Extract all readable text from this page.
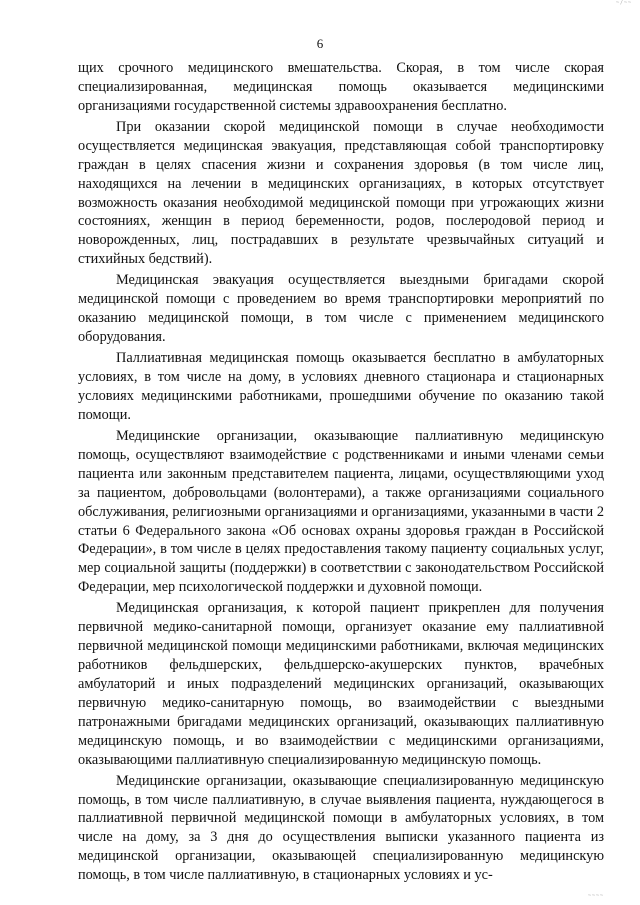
~/~~
6

щих срочного медицинского вмешательства. Скорая, в том числе скорая специализированная, медицинская помощь оказывается медицинскими организациями государственной системы здравоохранения бесплатно.

При оказании скорой медицинской помощи в случае необходимости осуществляется медицинская эвакуация, представляющая собой транспортировку граждан в целях спасения жизни и сохранения здоровья (в том числе лиц, находящихся на лечении в медицинских организациях, в которых отсутствует возможность оказания необходимой медицинской помощи при угрожающих жизни состояниях, женщин в период беременности, родов, послеродовой период и новорожденных, лиц, пострадавших в результате чрезвычайных ситуаций и стихийных бедствий).

Медицинская эвакуация осуществляется выездными бригадами скорой медицинской помощи с проведением во время транспортировки мероприятий по оказанию медицинской помощи, в том числе с применением медицинского оборудования.

Паллиативная медицинская помощь оказывается бесплатно в амбулаторных условиях, в том числе на дому, в условиях дневного стационара и стационарных условиях медицинскими работниками, прошедшими обучение по оказанию такой помощи.

Медицинские организации, оказывающие паллиативную медицинскую помощь, осуществляют взаимодействие с родственниками и иными членами семьи пациента или законным представителем пациента, лицами, осуществляющими уход за пациентом, добровольцами (волонтерами), а также организациями социального обслуживания, религиозными организациями и организациями, указанными в части 2 статьи 6 Федерального закона «Об основах охраны здоровья граждан в Российской Федерации», в том числе в целях предоставления такому пациенту социальных услуг, мер социальной защиты (поддержки) в соответствии с законодательством Российской Федерации, мер психологической поддержки и духовной помощи.

Медицинская организация, к которой пациент прикреплен для получения первичной медико-санитарной помощи, организует оказание ему паллиативной первичной медицинской помощи медицинскими работниками, включая медицинских работников фельдшерских, фельдшерско-акушерских пунктов, врачебных амбулаторий и иных подразделений медицинских организаций, оказывающих первичную медико-санитарную помощь, во взаимодействии с выездными патронажными бригадами медицинских организаций, оказывающих паллиативную медицинскую помощь, и во взаимодействии с медицинскими организациями, оказывающими паллиативную специализированную медицинскую помощь.

Медицинские организации, оказывающие специализированную медицинскую помощь, в том числе паллиативную, в случае выявления пациента, нуждающегося в паллиативной первичной медицинской помощи в амбулаторных условиях, в том числе на дому, за 3 дня до осуществления выписки указанного пациента из медицинской организации, оказывающей специализированную медицинскую помощь, в том числе паллиативную, в стационарных условиях и ус-

~~~~
